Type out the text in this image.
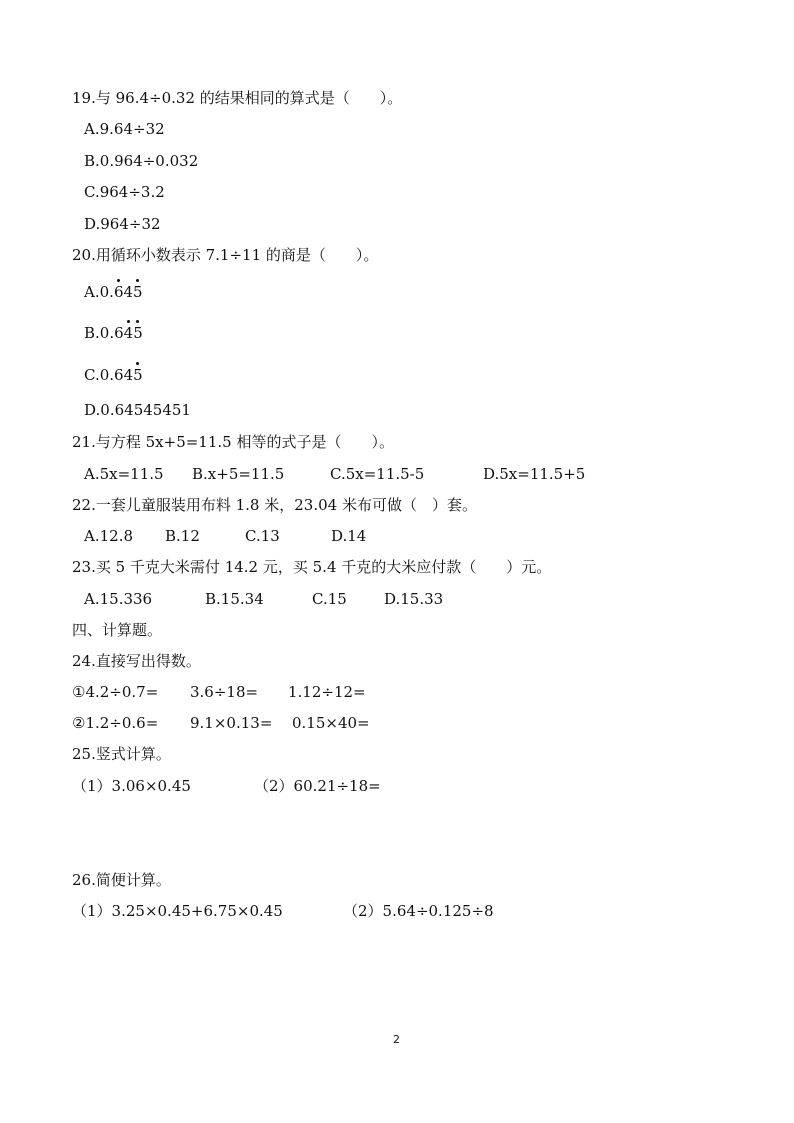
19.与 96.4÷0.32 的结果相同的算式是（　　）。
A.9.64÷32
B.0.964÷0.032
C.964÷3.2
D.964÷32
20.用循环小数表示 7.1÷11 的商是（　　）。
A.0.6
45
B.0.64
5
C.0.645
D.0.64545451
21.与方程 5x+5=11.5 相等的式子是（　　）。
A.5x=11.5 B.x+5=11.5	C.5x=11.5-5	D.5x=11.5+5
22.一套儿童服装用布料 1.8 米，23.04 米布可做（　）套。
A.12.8 B.12	C.13	D.14
23.买 5 千克大米需付 14.2 元，买 5.4 千克的大米应付款（　　）元。
A.15.336	B.15.34	C.15 D.15.33
四、计算题。
24.直接写出得数。
①4.2÷0.7= 3.6÷18= 1.12÷12=
②1.2÷0.6= 9.1×0.13= 0.15×40=
25.竖式计算。
（1）3.06×0.45	（2）60.21÷18=
26.简便计算。
（1）3.25×0.45+6.75×0.45	（2）5.64÷0.125÷8
2
